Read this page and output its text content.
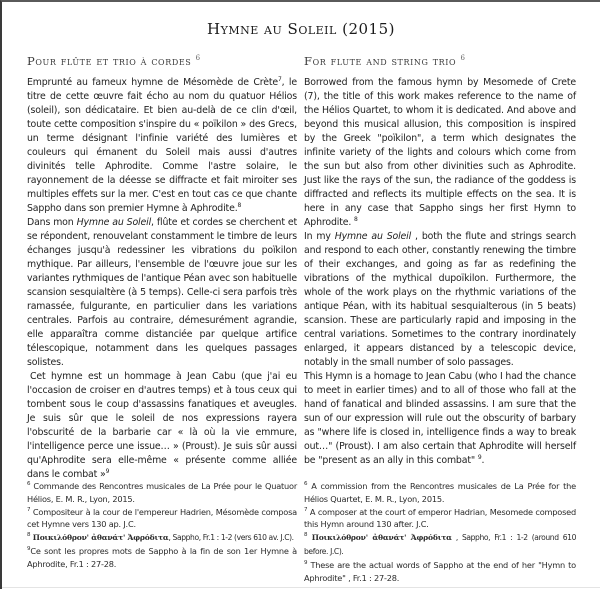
Hymne au Soleil (2015)
Pour flûte et trio à cordes $^6$

Emprunté au fameux hymne de Mésomède de Crète$^7$, le titre de cette œuvre fait écho au nom du quatuor Hélios (soleil), son dédicataire. Et bien au-delà de ce clin d'œil, toute cette composition s'inspire du « poïkilon » des Grecs, un terme désignant l'infinie variété des lumières et couleurs qui émanent du Soleil mais aussi d'autres divinités telle Aphrodite. Comme l'astre solaire, le rayonnement de la déesse se diffracte et fait miroiter ses multiples effets sur la mer. C'est en tout cas ce que chante Sappho dans son premier Hymne à Aphrodite.$^8$

Dans mon Hymne au Soleil, flûte et cordes se cherchent et se répondent, renouvelant constamment le timbre de leurs échanges jusqu'à redessiner les vibrations du poïkilon mythique. Par ailleurs, l'ensemble de l'œuvre joue sur les variantes rythmiques de l'antique Péan avec son habituelle scansion sesquialtère (à 5 temps). Celle-ci sera parfois très ramassée, fulgurante, en particulier dans les variations centrales. Parfois au contraire, démesurément agrandie, elle apparaîtra comme distanciée par quelque artifice télescopique, notamment dans les quelques passages solistes.

Cet hymne est un hommage à Jean Cabu (que j'ai eu l'occasion de croiser en d'autres temps) et à tous ceux qui tombent sous le coup d'assassins fanatiques et aveugles. Je suis sûr que le soleil de nos expressions rayera l'obscurité de la barbarie car « là où la vie emmure, l'intelligence perce une issue… » (Proust). Je suis sûr aussi qu'Aphrodite sera elle-même « présente comme alliée dans le combat »$^9$

$^6$ Commande des Rencontres musicales de La Prée pour le Quatuor Hélios, E. M. R., Lyon, 2015.

$^7$ Compositeur à la cour de l'empereur Hadrien, Mésomède composa cet Hymne vers 130 ap. J.C.

$^8$ Ποικιλόθρον' ἀθανάτ' Ἀφρόδιτα, Sappho, Fr.1 : 1-2 (vers 610 av. J.C).

$^9$Ce sont les propres mots de Sappho à la fin de son 1er Hymne à Aphrodite, Fr.1 : 27-28.

For flute and string trio $^6$

Borrowed from the famous hymn by Mesomede of Crete (7), the title of this work makes reference to the name of the Hélios Quartet, to whom it is dedicated. And above and beyond this musical allusion, this composition is inspired by the Greek "poïkilon", a term which designates the infinite variety of the lights and colours which come from the sun but also from other divinities such as Aphrodite. Just like the rays of the sun, the radiance of the goddess is diffracted and reflects its multiple effects on the sea. It is here in any case that Sappho sings her first Hymn to Aphrodite. $^8$

In my Hymne au Soleil , both the flute and strings search and respond to each other, constantly renewing the timbre of their exchanges, and going as far as redefining the vibrations of the mythical dupoïkilon. Furthermore, the whole of the work plays on the rhythmic variations of the antique Péan, with its habitual sesquialterous (in 5 beats) scansion. These are particularly rapid and imposing in the central variations. Sometimes to the contrary inordinately enlarged, it appears distanced by a telescopic device, notably in the small number of solo passages.

This Hymn is a homage to Jean Cabu (who I had the chance to meet in earlier times) and to all of those who fall at the hand of fanatical and blinded assassins. I am sure that the sun of our expression will rule out the obscurity of barbary as "where life is closed in, intelligence finds a way to break out…" (Proust). I am also certain that Aphrodite will herself be "present as an ally in this combat" $^9$.

$^6$ A commission from the Rencontres musicales de La Prée for the Hélios Quartet, E. M. R., Lyon, 2015.

$^7$ A composer at the court of emperor Hadrian, Mesomede composed this Hymn around 130 after. J.C.

$^8$ Ποικιλόθρον' ἀθανάτ' Ἀφρόδιτα , Sappho, Fr.1 : 1-2 (around 610 before. J.C).

$^9$ These are the actual words of Sappho at the end of her "Hymn to Aphrodite" , Fr.1 : 27-28.
